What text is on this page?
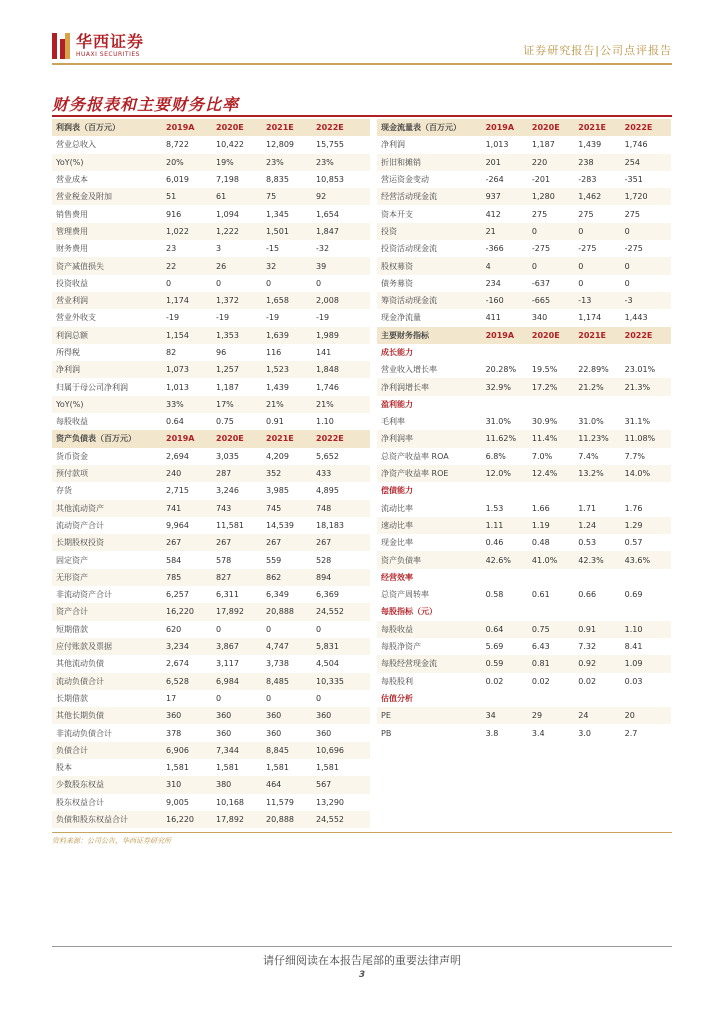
华西证券
HUAXI SECURITIES	证券研究报告|公司点评报告
财务报表和主要财务比率
利润表（百万元）	2019A	2020E	2021E	2022E
营业总收入	8,722	10,422	12,809	15,755
YoY(%)	20%	19%	23%	23%
营业成本	6,019	7,198	8,835	10,853
营业税金及附加	51	61	75	92
销售费用	916	1,094	1,345	1,654
管理费用	1,022	1,222	1,501	1,847
财务费用	23	3	-15	-32
资产减值损失	22	26	32	39
投资收益	0	0	0	0
营业利润	1,174	1,372	1,658	2,008
营业外收支	-19	-19	-19	-19
利润总额	1,154	1,353	1,639	1,989
所得税	82	96	116	141
净利润	1,073	1,257	1,523	1,848
归属于母公司净利润	1,013	1,187	1,439	1,746
YoY(%)	33%	17%	21%	21%
每股收益	0.64	0.75	0.91	1.10
资产负债表（百万元）	2019A	2020E	2021E	2022E
货币资金	2,694	3,035	4,209	5,652
预付款项	240	287	352	433
存货	2,715	3,246	3,985	4,895
其他流动资产	741	743	745	748
流动资产合计	9,964	11,581	14,539	18,183
长期股权投资	267	267	267	267
固定资产	584	578	559	528
无形资产	785	827	862	894
非流动资产合计	6,257	6,311	6,349	6,369
资产合计	16,220	17,892	20,888	24,552
短期借款	620	0	0	0
应付账款及票据	3,234	3,867	4,747	5,831
其他流动负债	2,674	3,117	3,738	4,504
流动负债合计	6,528	6,984	8,485	10,335
长期借款	17	0	0	0
其他长期负债	360	360	360	360
非流动负债合计	378	360	360	360
负债合计	6,906	7,344	8,845	10,696
股本	1,581	1,581	1,581	1,581
少数股东权益	310	380	464	567
股东权益合计	9,005	10,168	11,579	13,290
负债和股东权益合计	16,220	17,892	20,888	24,552
现金流量表（百万元）	2019A	2020E	2021E	2022E
净利润	1,013	1,187	1,439	1,746
折旧和摊销	201	220	238	254
营运资金变动	-264	-201	-283	-351
经营活动现金流	937	1,280	1,462	1,720
资本开支	412	275	275	275
投资	21	0	0	0
投资活动现金流	-366	-275	-275	-275
股权募资	4	0	0	0
债务募资	234	-637	0	0
筹资活动现金流	-160	-665	-13	-3
现金净流量	411	340	1,174	1,443
主要财务指标	2019A	2020E	2021E	2022E
成长能力
营业收入增长率	20.28%	19.5%	22.89%	23.01%
净利润增长率	32.9%	17.2%	21.2%	21.3%
盈利能力
毛利率	31.0%	30.9%	31.0%	31.1%
净利润率	11.62%	11.4%	11.23%	11.08%
总资产收益率 ROA	6.8%	7.0%	7.4%	7.7%
净资产收益率 ROE	12.0%	12.4%	13.2%	14.0%
偿债能力
流动比率	1.53	1.66	1.71	1.76
速动比率	1.11	1.19	1.24	1.29
现金比率	0.46	0.48	0.53	0.57
资产负债率	42.6%	41.0%	42.3%	43.6%
经营效率
总资产周转率	0.58	0.61	0.66	0.69
每股指标（元）
每股收益	0.64	0.75	0.91	1.10
每股净资产	5.69	6.43	7.32	8.41
每股经营现金流	0.59	0.81	0.92	1.09
每股股利	0.02	0.02	0.02	0.03
估值分析
PE	34	29	24	20
PB	3.8	3.4	3.0	2.7
资料来源：公司公告，华西证券研究所
请仔细阅读在本报告尾部的重要法律声明
3
